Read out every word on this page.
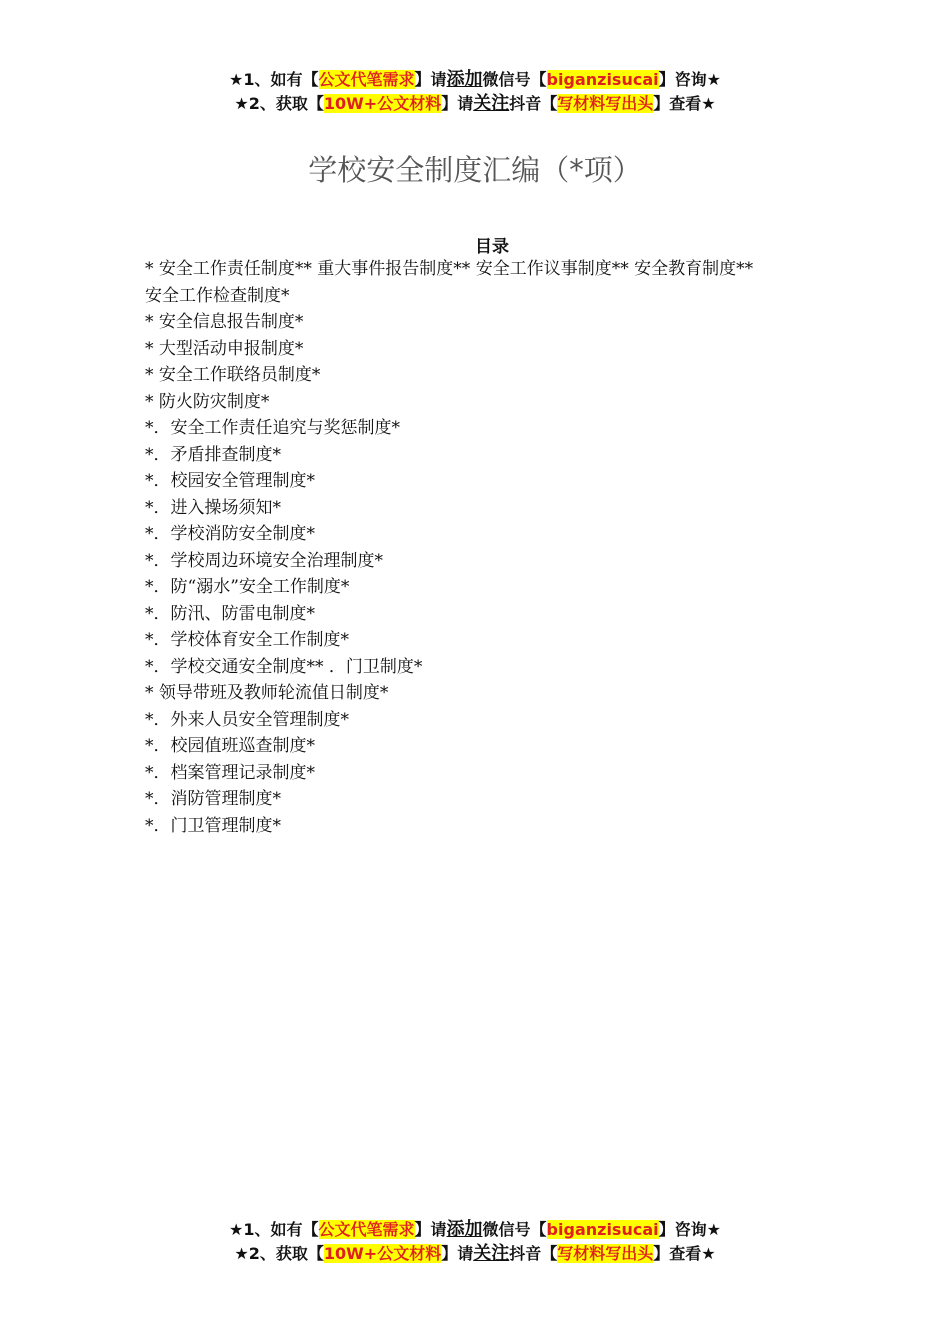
★1、如有【公文代笔需求】请添加微信号【biganzisucai】咨询★
★2、获取【10W+公文材料】请关注抖音【写材料写出头】查看★
学校安全制度汇编（*项）
目录
* 安全工作责任制度** 重大事件报告制度** 安全工作议事制度** 安全教育制度**
安全工作检查制度*
* 安全信息报告制度*
* 大型活动申报制度*
* 安全工作联络员制度*
* 防火防灾制度*
*．安全工作责任追究与奖惩制度*
*．矛盾排查制度*
*．校园安全管理制度*
*．进入操场须知*
*．学校消防安全制度*
*．学校周边环境安全治理制度*
*．防“溺水”安全工作制度*
*．防汛、防雷电制度*
*．学校体育安全工作制度*
*．学校交通安全制度** ．门卫制度*
* 领导带班及教师轮流值日制度*
*．外来人员安全管理制度*
*．校园值班巡查制度*
*．档案管理记录制度*
*．消防管理制度*
*．门卫管理制度*
★1、如有【公文代笔需求】请添加微信号【biganzisucai】咨询★
★2、获取【10W+公文材料】请关注抖音【写材料写出头】查看★
